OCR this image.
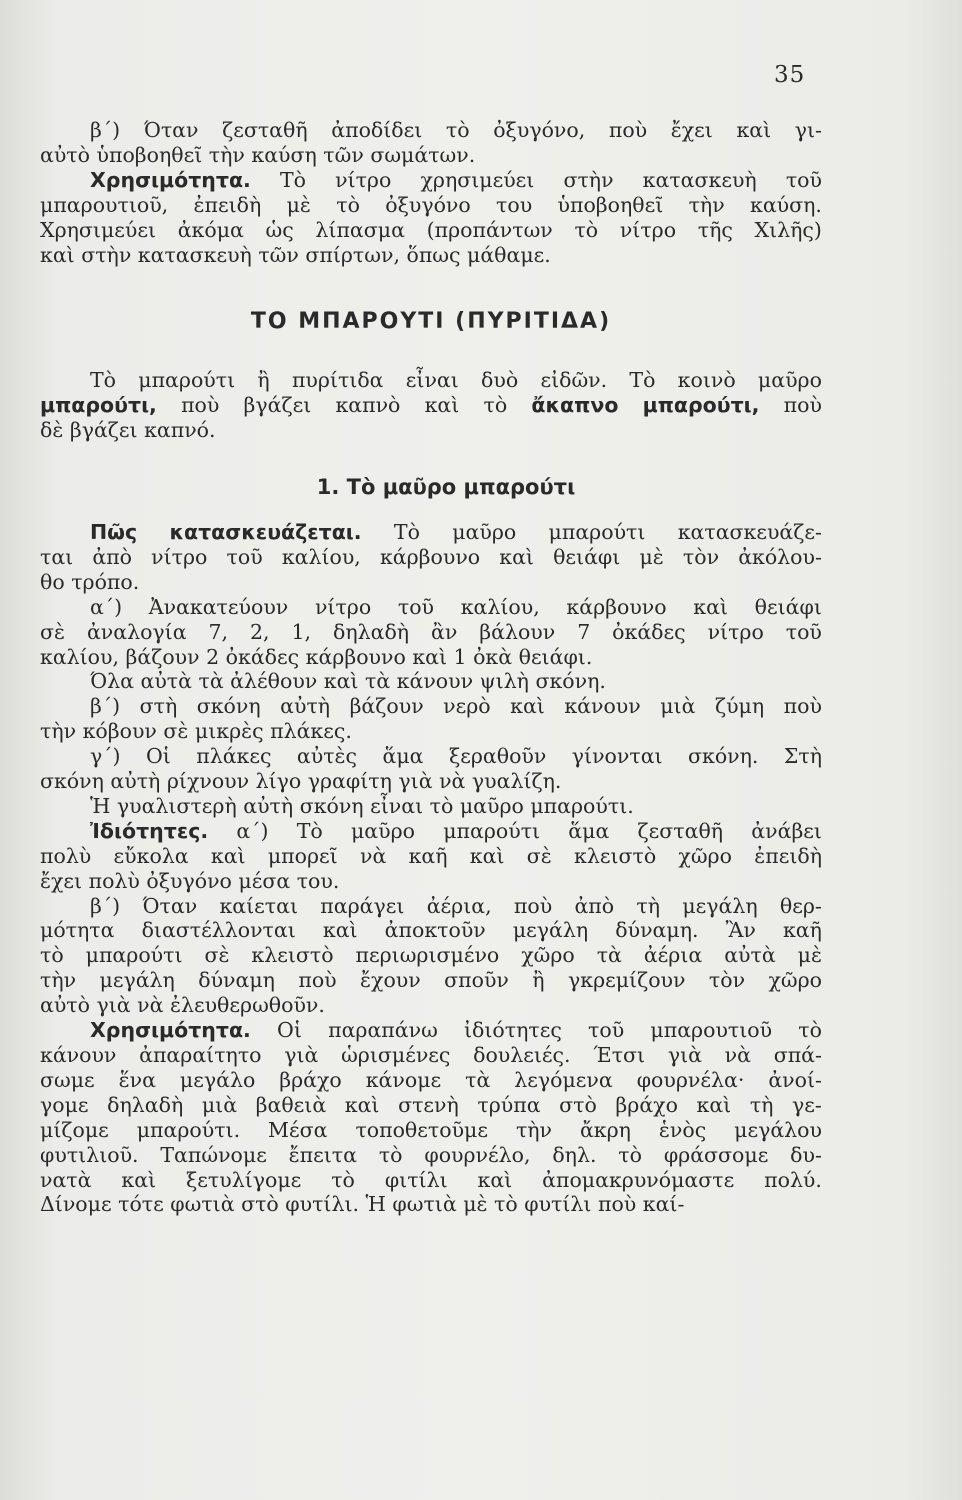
35
β΄) Όταν ζεσταθῆ ἀποδίδει τὸ ὀξυγόνο, ποὺ ἔχει καὶ γι-
αὐτὸ ὑποβοηθεῖ τὴν καύση τῶν σωμάτων.
Χρησιμότητα. Τὸ νίτρο χρησιμεύει στὴν κατασκευὴ τοῦ
μπαρουτιοῦ, ἐπειδὴ μὲ τὸ ὀξυγόνο του ὑποβοηθεῖ τὴν καύση.
Χρησιμεύει ἀκόμα ὡς λίπασμα (προπάντων τὸ νίτρο τῆς Χιλῆς)
καὶ στὴν κατασκευὴ τῶν σπίρτων, ὅπως μάθαμε.
ΤΟ ΜΠΑΡΟΥΤΙ (ΠΥΡΙΤΙΔΑ)
Τὸ μπαρούτι ἢ πυρίτιδα εἶναι δυὸ εἰδῶν. Τὸ κοινὸ μαῦρο
μπαρούτι, ποὺ βγάζει καπνὸ καὶ τὸ ἄκαπνο μπαρούτι, ποὺ
δὲ βγάζει καπνό.
1. Τὸ μαῦρο μπαρούτι
Πῶς κατασκευάζεται. Τὸ μαῦρο μπαρούτι κατασκευάζε-
ται ἀπὸ νίτρο τοῦ καλίου, κάρβουνο καὶ θειάφι μὲ τὸν ἀκόλου-
θο τρόπο.
α΄) Ἀνακατεύουν νίτρο τοῦ καλίου, κάρβουνο καὶ θειάφι
σὲ ἀναλογία 7, 2, 1, δηλαδὴ ἂν βάλουν 7 ὀκάδες νίτρο τοῦ
καλίου, βάζουν 2 ὀκάδες κάρβουνο καὶ 1 ὀκὰ θειάφι.
Όλα αὐτὰ τὰ ἀλέθουν καὶ τὰ κάνουν ψιλὴ σκόνη.
β΄) στὴ σκόνη αὐτὴ βάζουν νερὸ καὶ κάνουν μιὰ ζύμη ποὺ
τὴν κόβουν σὲ μικρὲς πλάκες.
γ΄) Οἱ πλάκες αὐτὲς ἅμα ξεραθοῦν γίνονται σκόνη. Στὴ
σκόνη αὐτὴ ρίχνουν λίγο γραφίτη γιὰ νὰ γυαλίζη.
Ἡ γυαλιστερὴ αὐτὴ σκόνη εἶναι τὸ μαῦρο μπαρούτι.
Ἰδιότητες. α΄) Τὸ μαῦρο μπαρούτι ἅμα ζεσταθῆ ἀνάβει
πολὺ εὔκολα καὶ μπορεῖ νὰ καῆ καὶ σὲ κλειστὸ χῶρο ἐπειδὴ
ἔχει πολὺ ὀξυγόνο μέσα του.
β΄) Όταν καίεται παράγει ἀέρια, ποὺ ἀπὸ τὴ μεγάλη θερ-
μότητα διαστέλλονται καὶ ἀποκτοῦν μεγάλη δύναμη. Ἂν καῆ
τὸ μπαρούτι σὲ κλειστὸ περιωρισμένο χῶρο τὰ ἀέρια αὐτὰ μὲ
τὴν μεγάλη δύναμη ποὺ ἔχουν σποῦν ἢ γκρεμίζουν τὸν χῶρο
αὐτὸ γιὰ νὰ ἐλευθερωθοῦν.
Χρησιμότητα. Οἱ παραπάνω ἰδιότητες τοῦ μπαρουτιοῦ τὸ
κάνουν ἀπαραίτητο γιὰ ὡρισμένες δουλειές. Έτσι γιὰ νὰ σπά-
σωμε ἕνα μεγάλο βράχο κάνομε τὰ λεγόμενα φουρνέλα· ἀνοί-
γομε δηλαδὴ μιὰ βαθειὰ καὶ στενὴ τρύπα στὸ βράχο καὶ τὴ γε-
μίζομε μπαρούτι. Μέσα τοποθετοῦμε τὴν ἄκρη ἑνὸς μεγάλου
φυτιλιοῦ. Ταπώνομε ἔπειτα τὸ φουρνέλο, δηλ. τὸ φράσσομε δυ-
νατὰ καὶ ξετυλίγομε τὸ φιτίλι καὶ ἀπομακρυνόμαστε πολύ.
Δίνομε τότε φωτιὰ στὸ φυτίλι. Ἡ φωτιὰ μὲ τὸ φυτίλι ποὺ καί-
